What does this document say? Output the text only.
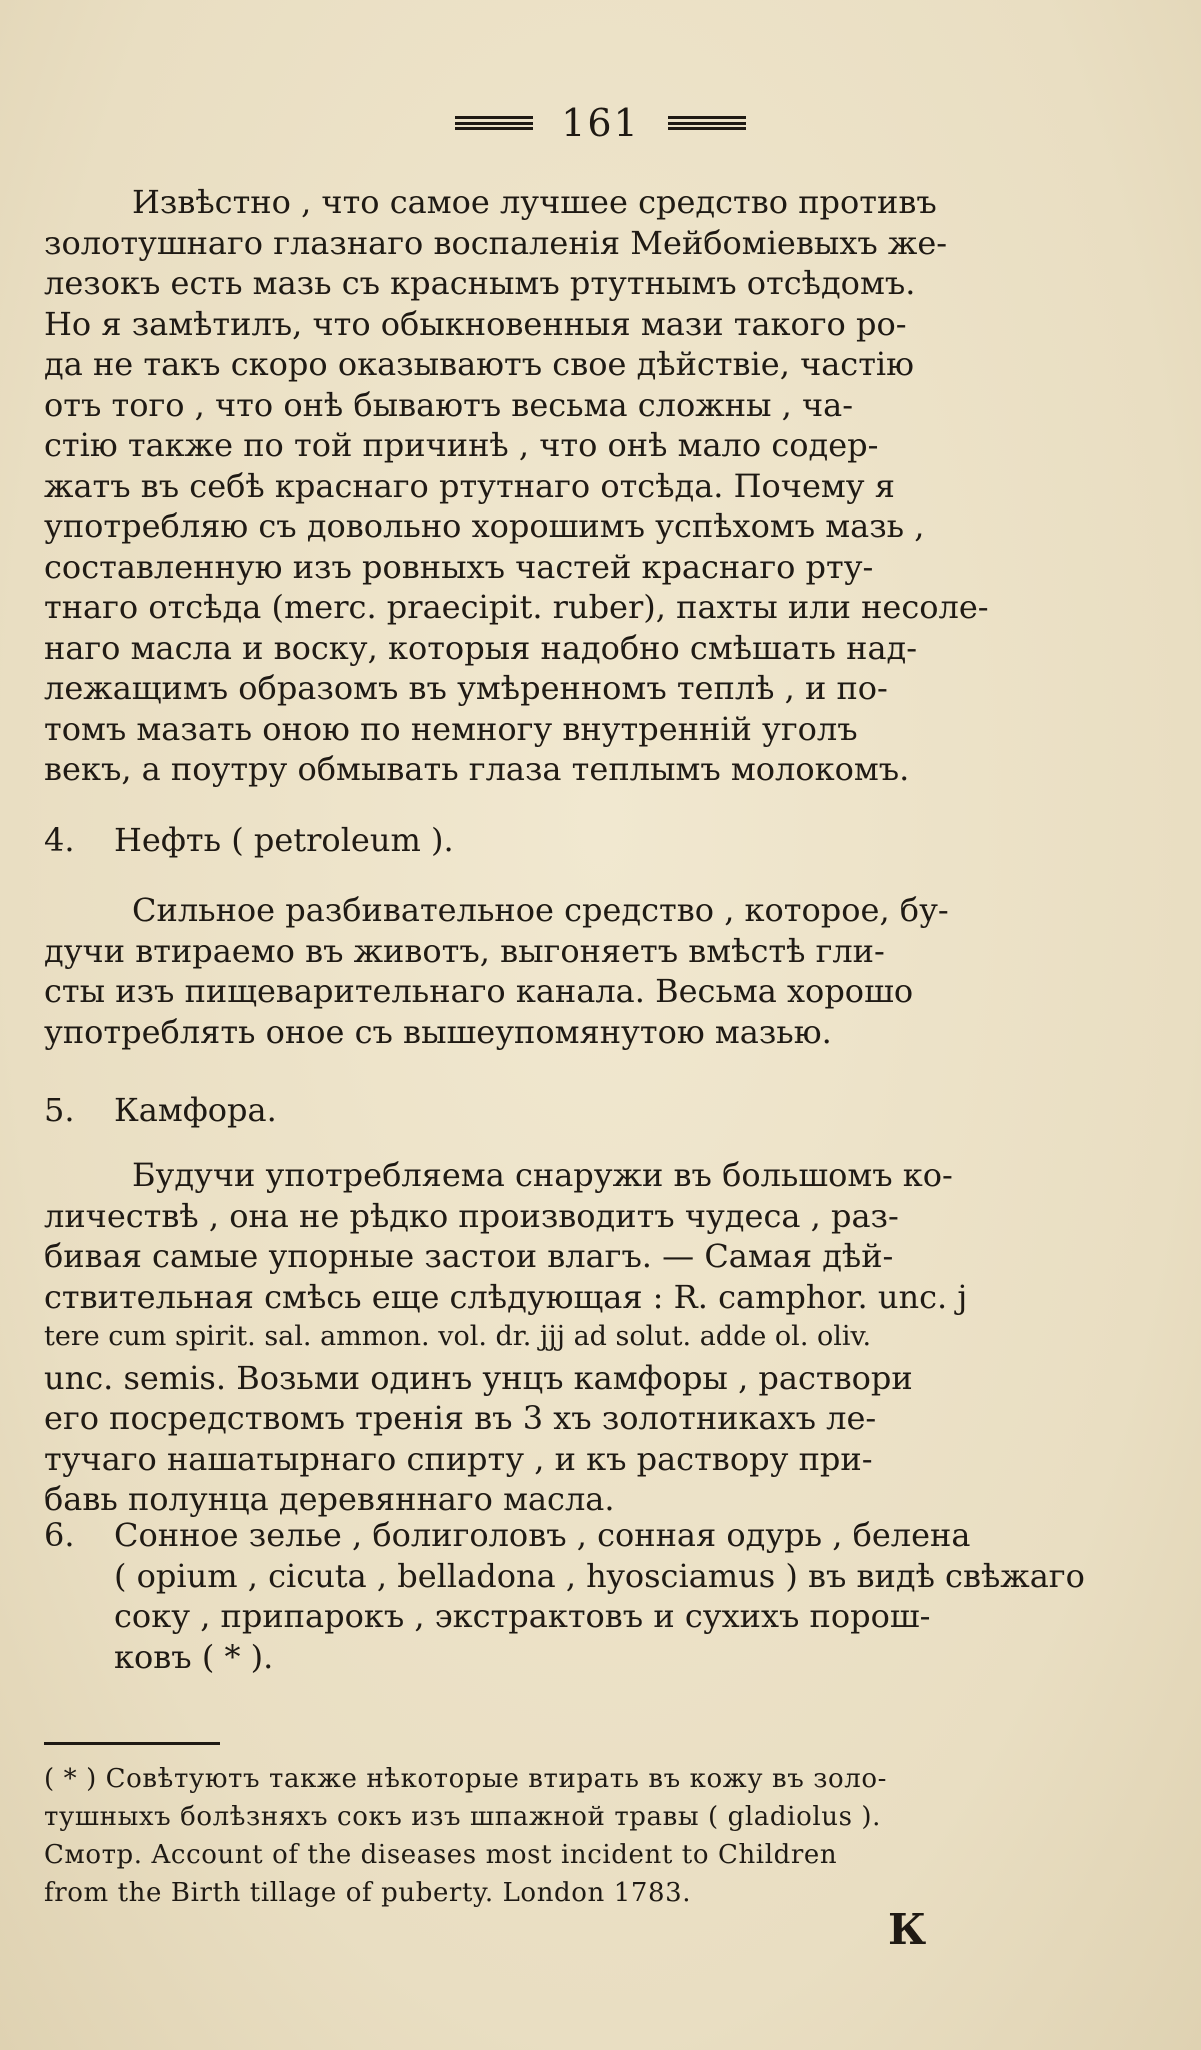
161

Извѣстно , что самое лучшее средство противъ
золотушнаго глазнаго воспаленія Мейбоміевыхъ же-
лезокъ есть мазь съ краснымъ ртутнымъ отсѣдомъ.
Но я замѣтилъ, что обыкновенныя мази такого ро-
да не такъ скоро оказываютъ свое дѣйствіе, частію
отъ того , что онѣ бываютъ весьма сложны , ча-
стію также по той причинѣ , что онѣ мало содер-
жатъ въ себѣ краснаго ртутнаго отсѣда. Почему я
употребляю съ довольно хорошимъ успѣхомъ мазь ,
составленную изъ ровныхъ частей краснаго рту-
тнаго отсѣда (merc. praecipit. ruber), пахты или несоле-
наго масла и воску, которыя надобно смѣшать над-
лежащимъ образомъ въ умѣренномъ теплѣ , и по-
томъ мазать оною по немногу внутренній уголъ
векъ, а поутру обмывать глаза теплымъ молокомъ.

4. Нефть ( petroleum ).

Сильное разбивательное средство , которое, бу-
дучи втираемо въ животъ, выгоняетъ вмѣстѣ гли-
сты изъ пищеварительнаго канала. Весьма хорошо
употреблять оное съ вышеупомянутою мазью.

5. Камфора.

Будучи употребляема снаружи въ большомъ ко-
личествѣ , она не рѣдко производитъ чудеса , раз-
бивая самые упорные застои влагъ. — Самая дѣй-
ствительная смѣсь еще слѣдующая : R. camphor. unc. j
tere cum spirit. sal. ammon. vol. dr. jjj ad solut. adde ol. oliv.
unc. semis. Возьми одинъ унцъ камфоры , раствори
его посредствомъ тренія въ 3 хъ золотникахъ ле-
тучаго нашатырнаго спирту , и къ раствору при-
бавь полунца деревяннаго масла.

6.	Сонное зелье , болиголовъ , сонная одурь , белена
( opium , cicuta , belladona , hyosciamus ) въ видѣ свѣжаго
соку , припарокъ , экстрактовъ и сухихъ порош-
ковъ ( * ).

( * ) Совѣтуютъ также нѣкоторые втирать въ кожу въ золо-
тушныхъ болѣзняхъ сокъ изъ шпажной травы ( gladiolus ).
Смотр. Account of the diseases most incident to Children
from the Birth tillage of puberty. London 1783.

К
